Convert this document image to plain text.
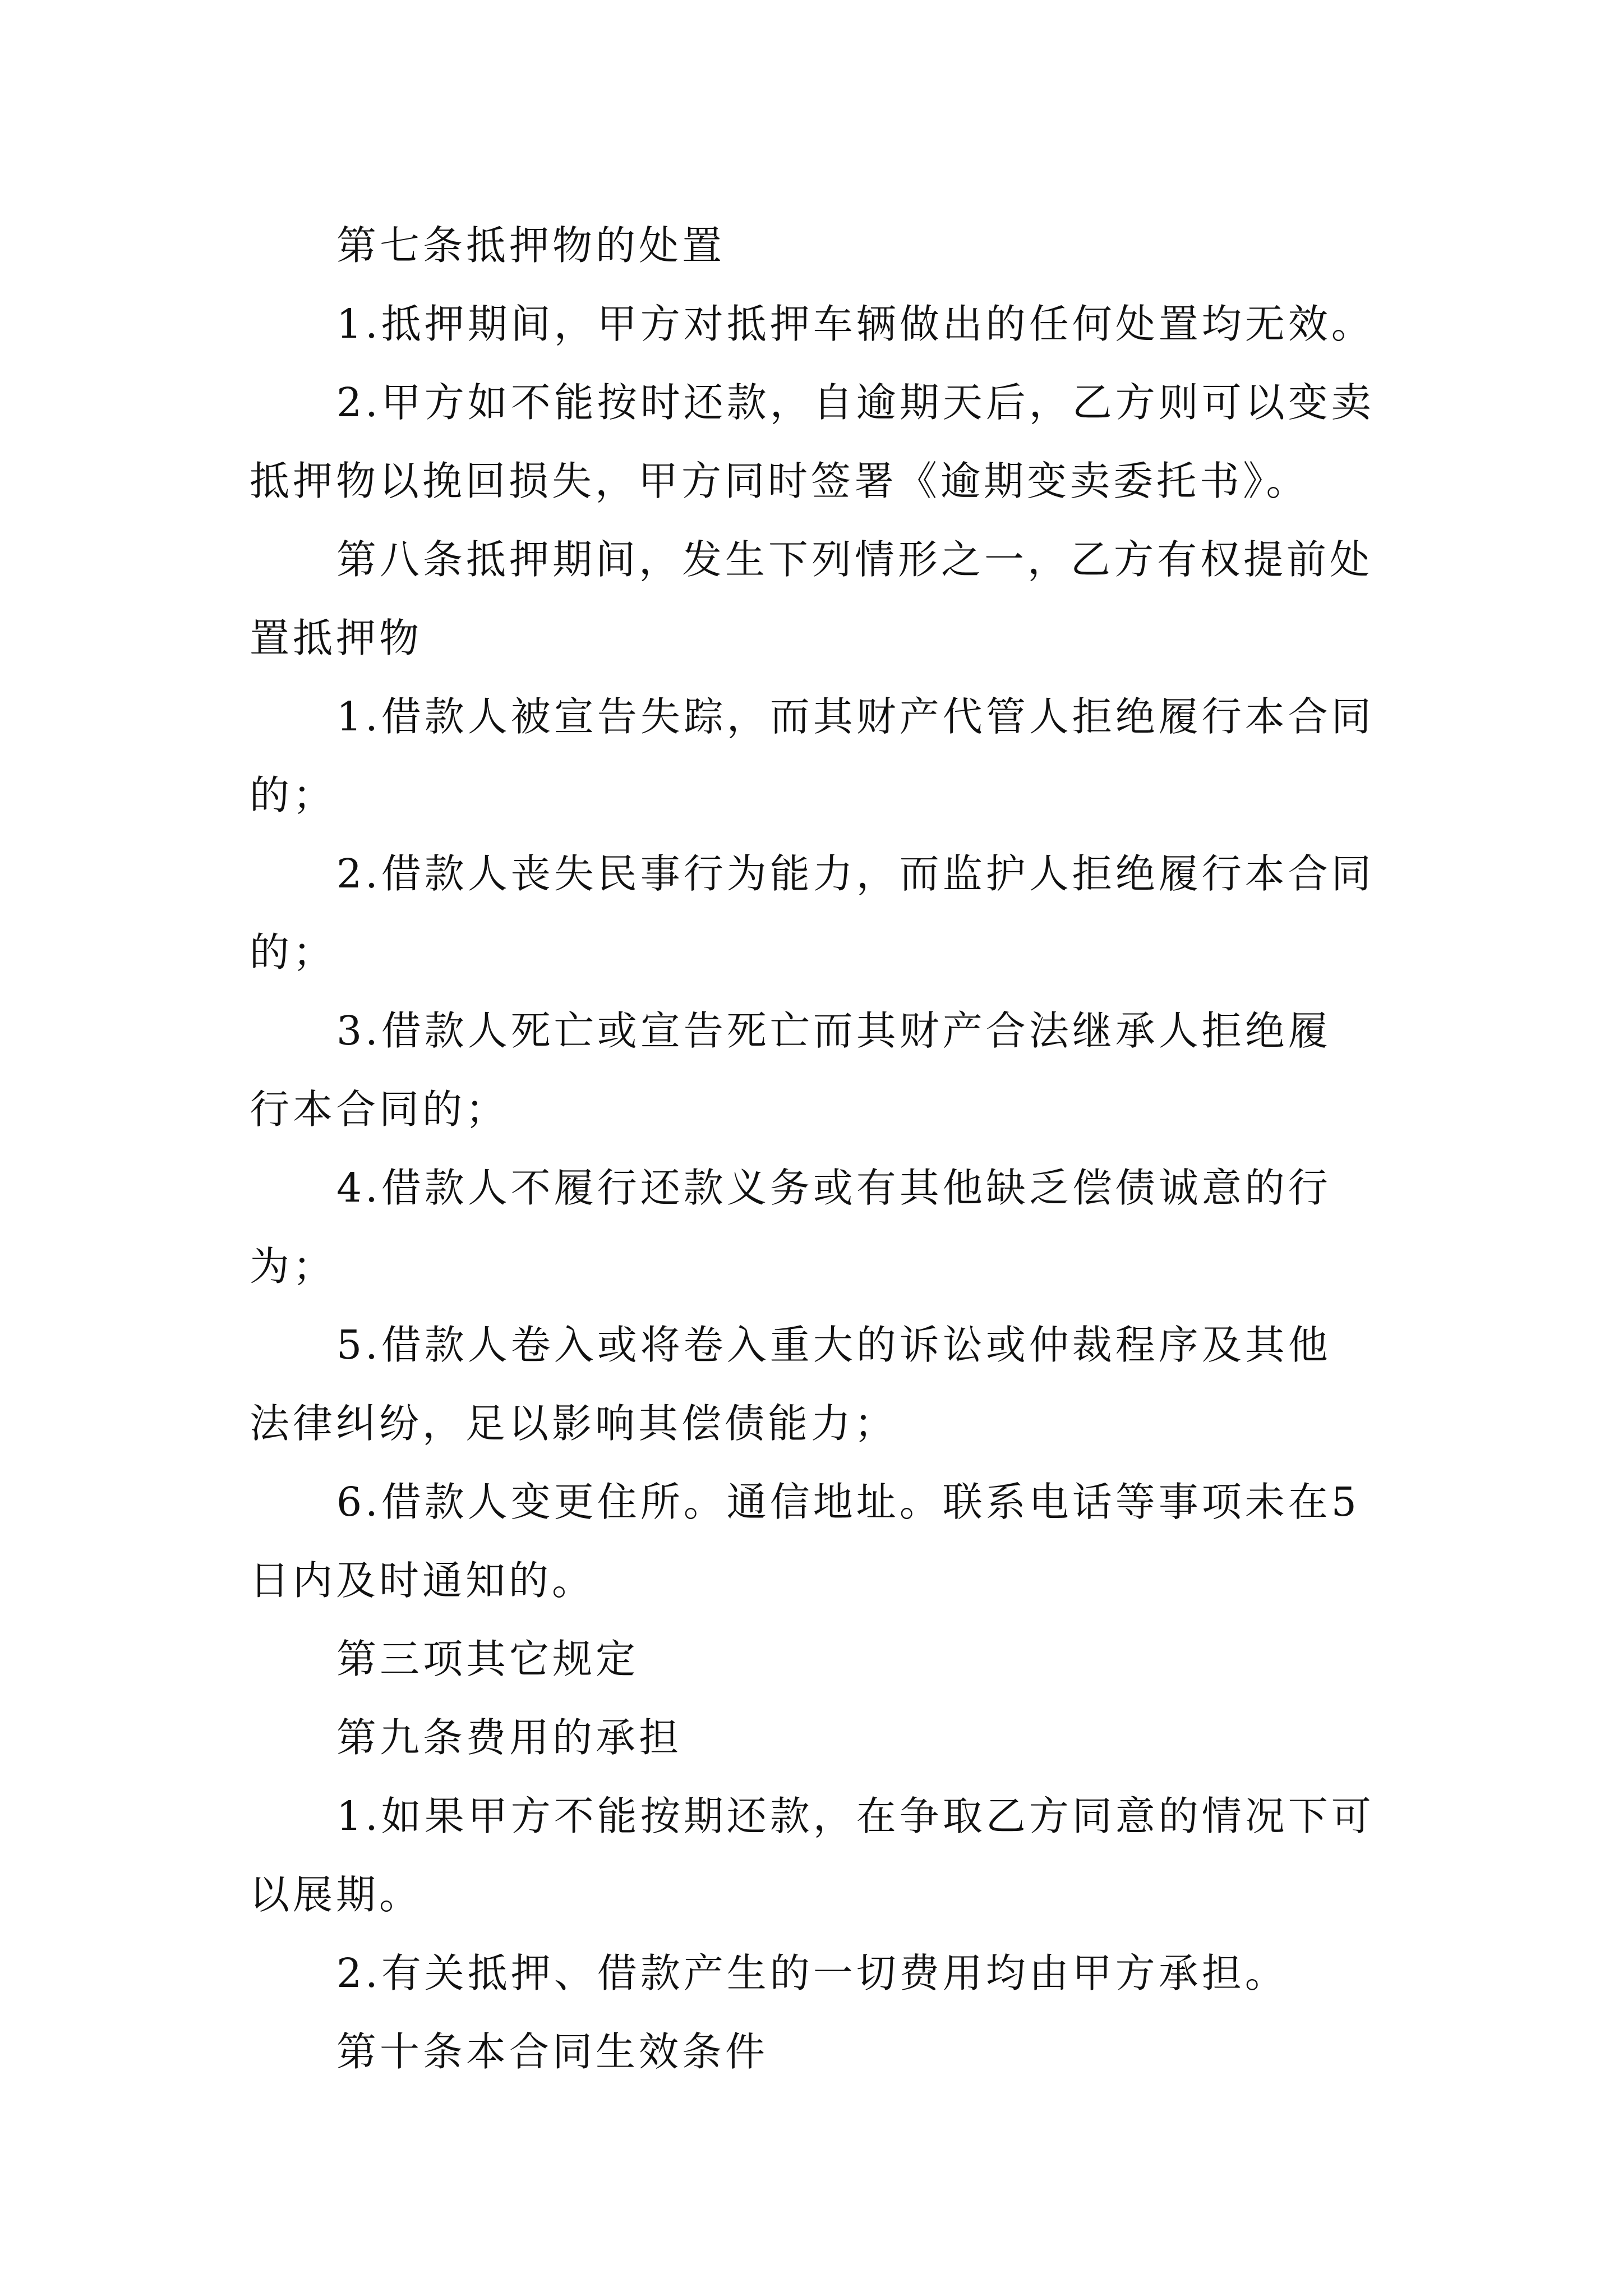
第七条抵押物的处置
1.抵押期间，甲方对抵押车辆做出的任何处置均无效。
2.甲方如不能按时还款，自逾期天后，乙方则可以变卖
抵押物以挽回损失，甲方同时签署《逾期变卖委托书》。
第八条抵押期间，发生下列情形之一，乙方有权提前处
置抵押物
1.借款人被宣告失踪，而其财产代管人拒绝履行本合同
的；
2.借款人丧失民事行为能力，而监护人拒绝履行本合同
的；
3.借款人死亡或宣告死亡而其财产合法继承人拒绝履
行本合同的；
4.借款人不履行还款义务或有其他缺乏偿债诚意的行
为；
5.借款人卷入或将卷入重大的诉讼或仲裁程序及其他
法律纠纷，足以影响其偿债能力；
6.借款人变更住所。通信地址。联系电话等事项未在5
日内及时通知的。
第三项其它规定
第九条费用的承担
1.如果甲方不能按期还款，在争取乙方同意的情况下可
以展期。
2.有关抵押、借款产生的一切费用均由甲方承担。
第十条本合同生效条件
